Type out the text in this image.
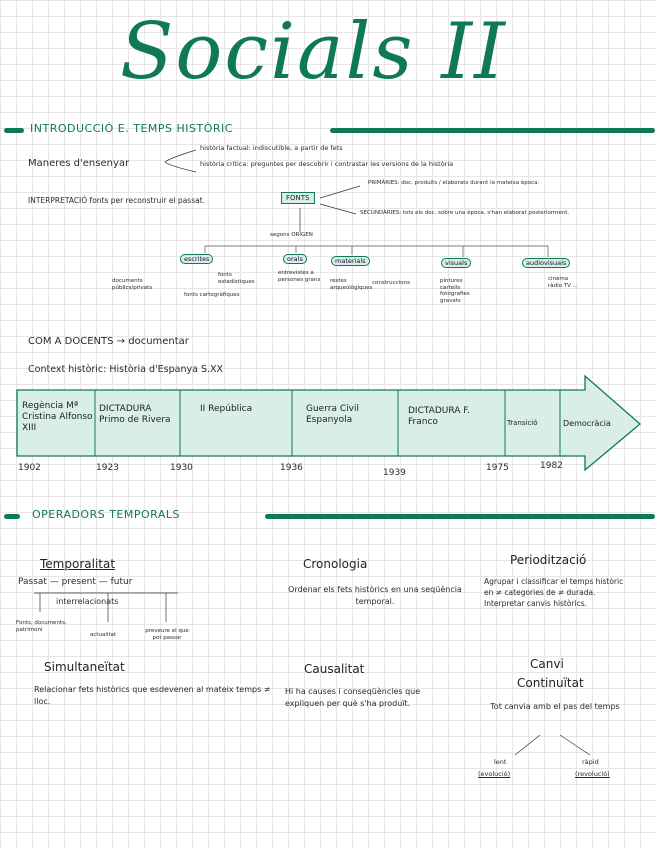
Socials II
INTRODUCCIÓ E. TEMPS HISTÒRIC
Maneres d'ensenyar
història factual: indiscutible, a partir de fets
història crítica: preguntes per descobrir i contrastar les versions de la història
INTERPRETACIÓ fonts per reconstruir el passat.	FONTS
PRIMÀRIES: doc. produïts / elaborats durant la mateixa època.
SECUNDÀRIES: tots els doc. sobre una època, s'han elaborat posteriorment.
segons ORIGEN
escrites	orals	materials	visuals	audiovisuals
documents públics/privats
fonts estadístiques
fonts cartogràfiques
entrevistes a persones grans	restes arqueològiques
construccions	pintures cartells fotografies gravats
cinema ràdio TV ...
COM A DOCENTS → documentar
Context històric: Història d'Espanya S.XX
Regència Mª Cristina Alfonso XIII
DICTADURA Primo de Rivera
II República	Guerra Civil Espanyola
DICTADURA F. Franco	Transició	Democràcia
1902	1923	1930	1936	1939	1975	1982
OPERADORS TEMPORALS
Temporalitat
Passat — present — futur
interrelacionats
Fonts, documents, patrimoni
actualitat
preveure el que pot passar
Cronologia
Ordenar els fets històrics en una seqüència temporal.
Periodització
Agrupar i classificar el temps històric en ≠ categories de ≠ durada. Interpretar canvis històrics.
Simultaneïtat
Relacionar fets històrics que esdevenen al mateix temps ≠ lloc.
Causalitat
Hi ha causes i conseqüències que expliquen per què s'ha produït.
Canvi
Continuïtat
Tot canvia amb el pas del temps
lent
(evolució)
ràpid
(revolució)
